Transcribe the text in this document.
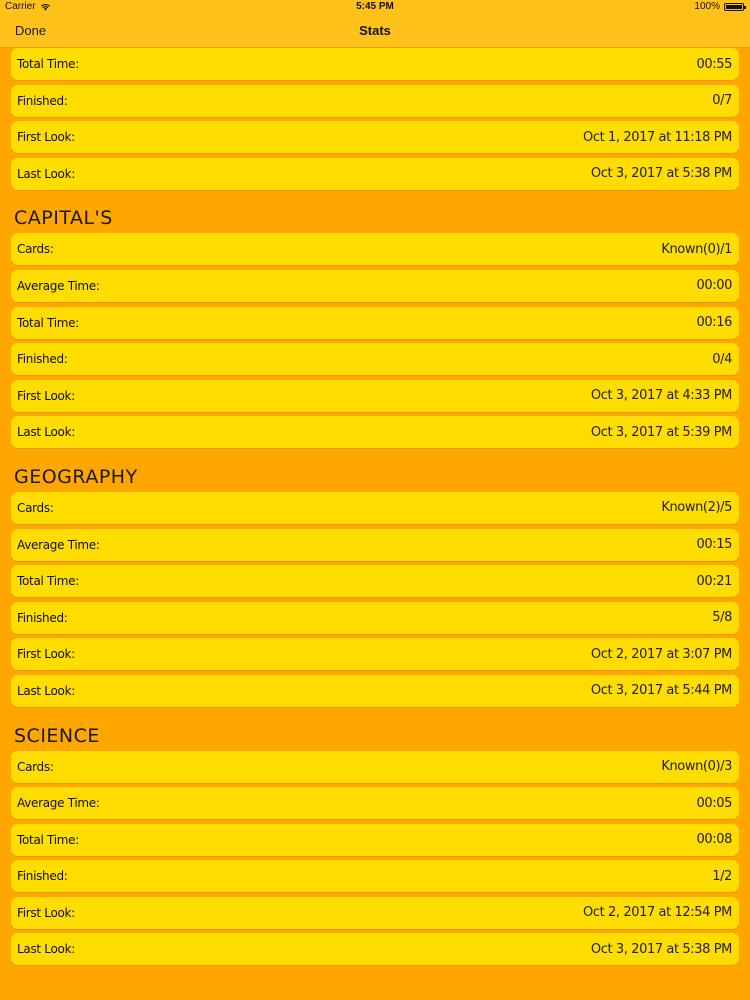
Carrier	5:45 PM	100%
Done	Stats
Total Time:	00:55
Finished:	0/7
First Look:	Oct 1, 2017 at 11:18 PM
Last Look:	Oct 3, 2017 at 5:38 PM
CAPITAL'S
Cards:	Known(0)/1
Average Time:	00:00
Total Time:	00:16
Finished:	0/4
First Look:	Oct 3, 2017 at 4:33 PM
Last Look:	Oct 3, 2017 at 5:39 PM
GEOGRAPHY
Cards:	Known(2)/5
Average Time:	00:15
Total Time:	00:21
Finished:	5/8
First Look:	Oct 2, 2017 at 3:07 PM
Last Look:	Oct 3, 2017 at 5:44 PM
SCIENCE
Cards:	Known(0)/3
Average Time:	00:05
Total Time:	00:08
Finished:	1/2
First Look:	Oct 2, 2017 at 12:54 PM
Last Look:	Oct 3, 2017 at 5:38 PM
